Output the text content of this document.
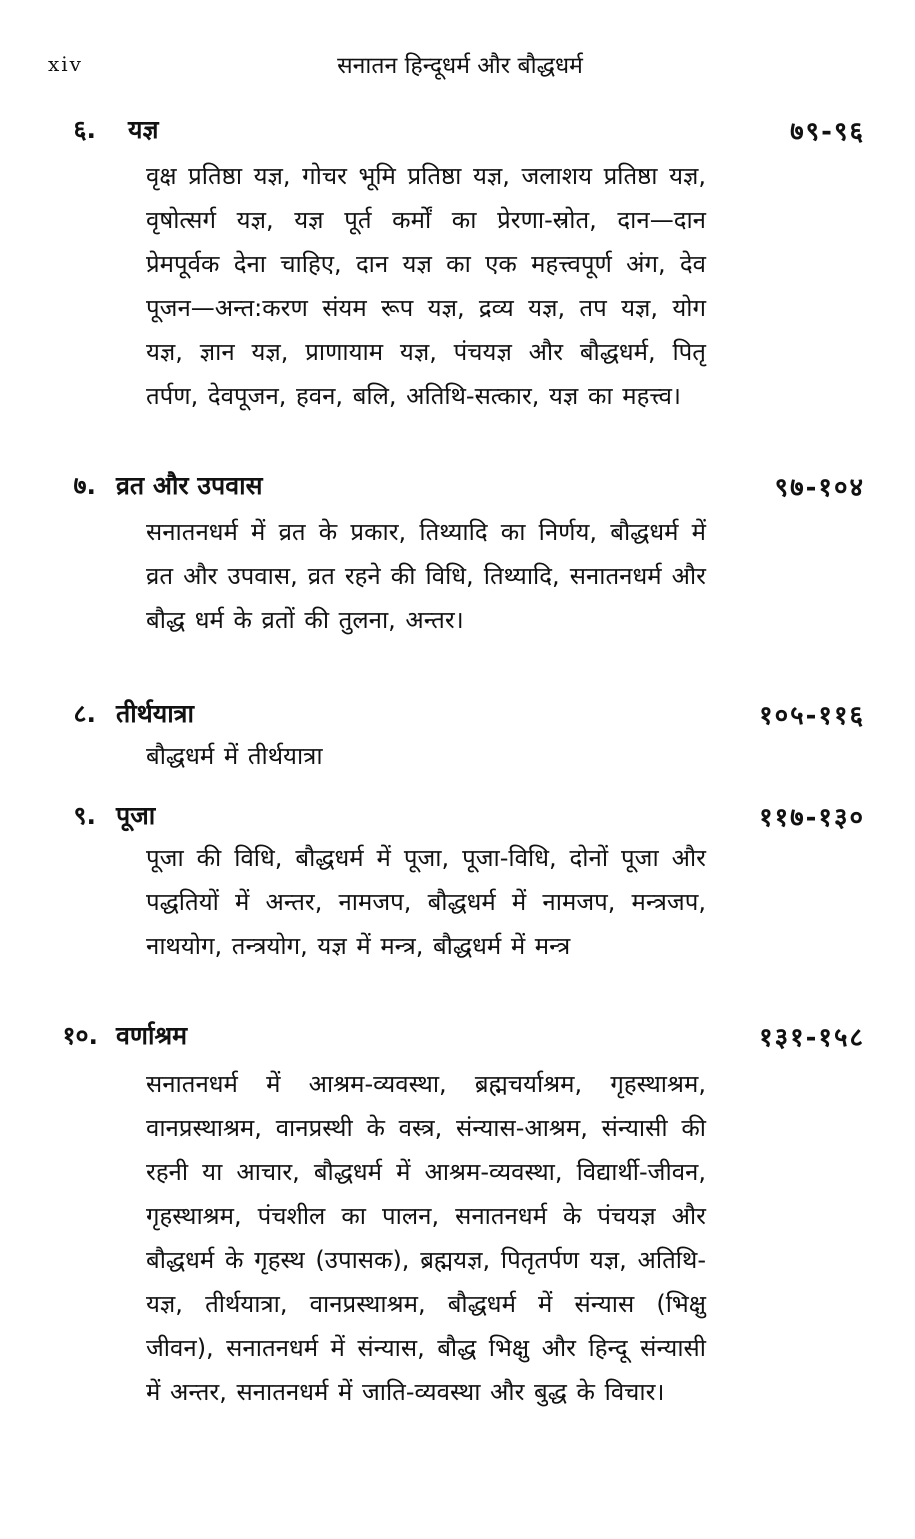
xiv	सनातन हिन्दूधर्म और बौद्धधर्म
६. यज्ञ	७९-९६
वृक्ष प्रतिष्ठा यज्ञ, गोचर भूमि प्रतिष्ठा यज्ञ, जलाशय प्रतिष्ठा यज्ञ, वृषोत्सर्ग यज्ञ, यज्ञ पूर्त कर्मों का प्रेरणा-स्रोत, दान—दान प्रेमपूर्वक देना चाहिए, दान यज्ञ का एक महत्त्वपूर्ण अंग, देव पूजन—अन्त:करण संयम रूप यज्ञ, द्रव्य यज्ञ, तप यज्ञ, योग यज्ञ, ज्ञान यज्ञ, प्राणायाम यज्ञ, पंचयज्ञ और बौद्धधर्म, पितृ तर्पण, देवपूजन, हवन, बलि, अतिथि-सत्कार, यज्ञ का महत्त्व।
७. व्रत और उपवास	९७-१०४
सनातनधर्म में व्रत के प्रकार, तिथ्यादि का निर्णय, बौद्धधर्म में व्रत और उपवास, व्रत रहने की विधि, तिथ्यादि, सनातनधर्म और बौद्ध धर्म के व्रतों की तुलना, अन्तर।
८. तीर्थयात्रा	१०५-११६
बौद्धधर्म में तीर्थयात्रा
९. पूजा	११७-१३०
पूजा की विधि, बौद्धधर्म में पूजा, पूजा-विधि, दोनों पूजा और पद्धतियों में अन्तर, नामजप, बौद्धधर्म में नामजप, मन्त्रजप, नाथयोग, तन्त्रयोग, यज्ञ में मन्त्र, बौद्धधर्म में मन्त्र
१०. वर्णाश्रम	१३१-१५८
सनातनधर्म में आश्रम-व्यवस्था, ब्रह्मचर्याश्रम, गृहस्थाश्रम, वानप्रस्थाश्रम, वानप्रस्थी के वस्त्र, संन्यास-आश्रम, संन्यासी की रहनी या आचार, बौद्धधर्म में आश्रम-व्यवस्था, विद्यार्थी-जीवन, गृहस्थाश्रम, पंचशील का पालन, सनातनधर्म के पंचयज्ञ और बौद्धधर्म के गृहस्थ (उपासक), ब्रह्मयज्ञ, पितृतर्पण यज्ञ, अतिथि-यज्ञ, तीर्थयात्रा, वानप्रस्थाश्रम, बौद्धधर्म में संन्यास (भिक्षु जीवन), सनातनधर्म में संन्यास, बौद्ध भिक्षु और हिन्दू संन्यासी में अन्तर, सनातनधर्म में जाति-व्यवस्था और बुद्ध के विचार।
